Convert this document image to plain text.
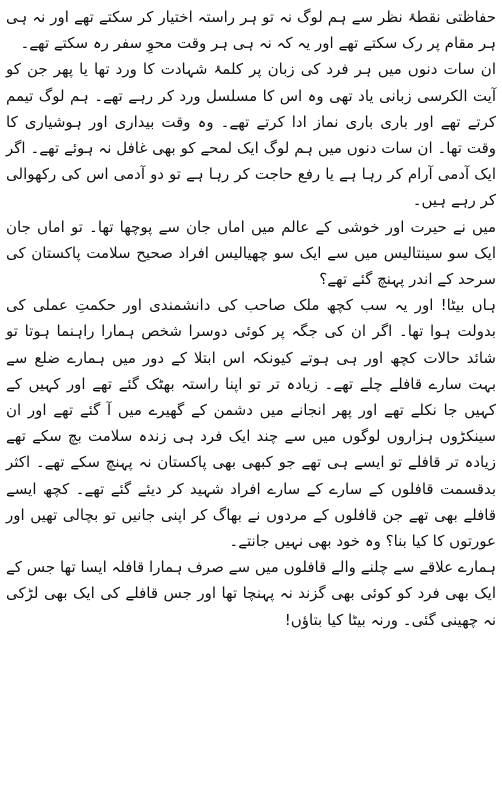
حفاظتی نقطۂ نظر سے ہم لوگ نہ تو ہر راستہ اختیار کر سکتے تھے اور نہ ہی ہر مقام پر رک سکتے تھے اور یہ کہ نہ ہی ہر وقت محوِ سفر رہ سکتے تھے۔

ان سات دنوں میں ہر فرد کی زبان پر کلمۂ شہادت کا ورد تھا یا پھر جن کو آیت الکرسی زبانی یاد تھی وہ اس کا مسلسل ورد کر رہے تھے۔ ہم لوگ تیمم کرتے تھے اور باری باری نماز ادا کرتے تھے۔ وہ وقت بیداری اور ہوشیاری کا وقت تھا۔ ان سات دنوں میں ہم لوگ ایک لمحے کو بھی غافل نہ ہوئے تھے۔ اگر ایک آدمی آرام کر رہا ہے یا رفع حاجت کر رہا ہے تو دو آدمی اس کی رکھوالی کر رہے ہیں۔

میں نے حیرت اور خوشی کے عالم میں اماں جان سے پوچھا تھا۔ تو اماں جان ایک سو سینتالیس میں سے ایک سو چھیالیس افراد صحیح سلامت پاکستان کی سرحد کے اندر پہنچ گئے تھے؟

ہاں بیٹا! اور یہ سب کچھ ملک صاحب کی دانشمندی اور حکمتِ عملی کی بدولت ہوا تھا۔ اگر ان کی جگہ پر کوئی دوسرا شخص ہمارا راہنما ہوتا تو شائد حالات کچھ اور ہی ہوتے کیونکہ اس ابتلا کے دور میں ہمارے ضلع سے بہت سارے قافلے چلے تھے۔ زیادہ تر تو اپنا راستہ بھٹک گئے تھے اور کہیں کے کہیں جا نکلے تھے اور پھر انجانے میں دشمن کے گھیرے میں آ گئے تھے اور ان سینکڑوں ہزاروں لوگوں میں سے چند ایک فرد ہی زندہ سلامت بچ سکے تھے زیادہ تر قافلے تو ایسے ہی تھے جو کبھی بھی پاکستان نہ پہنچ سکے تھے۔ اکثر بدقسمت قافلوں کے سارے کے سارے افراد شہید کر دیئے گئے تھے۔ کچھ ایسے قافلے بھی تھے جن قافلوں کے مردوں نے بھاگ کر اپنی جانیں تو بچالی تھیں اور عورتوں کا کیا بنا؟ وہ خود بھی نہیں جانتے۔

ہمارے علاقے سے چلنے والے قافلوں میں سے صرف ہمارا قافلہ ایسا تھا جس کے ایک بھی فرد کو کوئی بھی گزند نہ پہنچا تھا اور جس قافلے کی ایک بھی لڑکی نہ چھینی گئی۔ ورنہ بیٹا کیا بتاؤں!
